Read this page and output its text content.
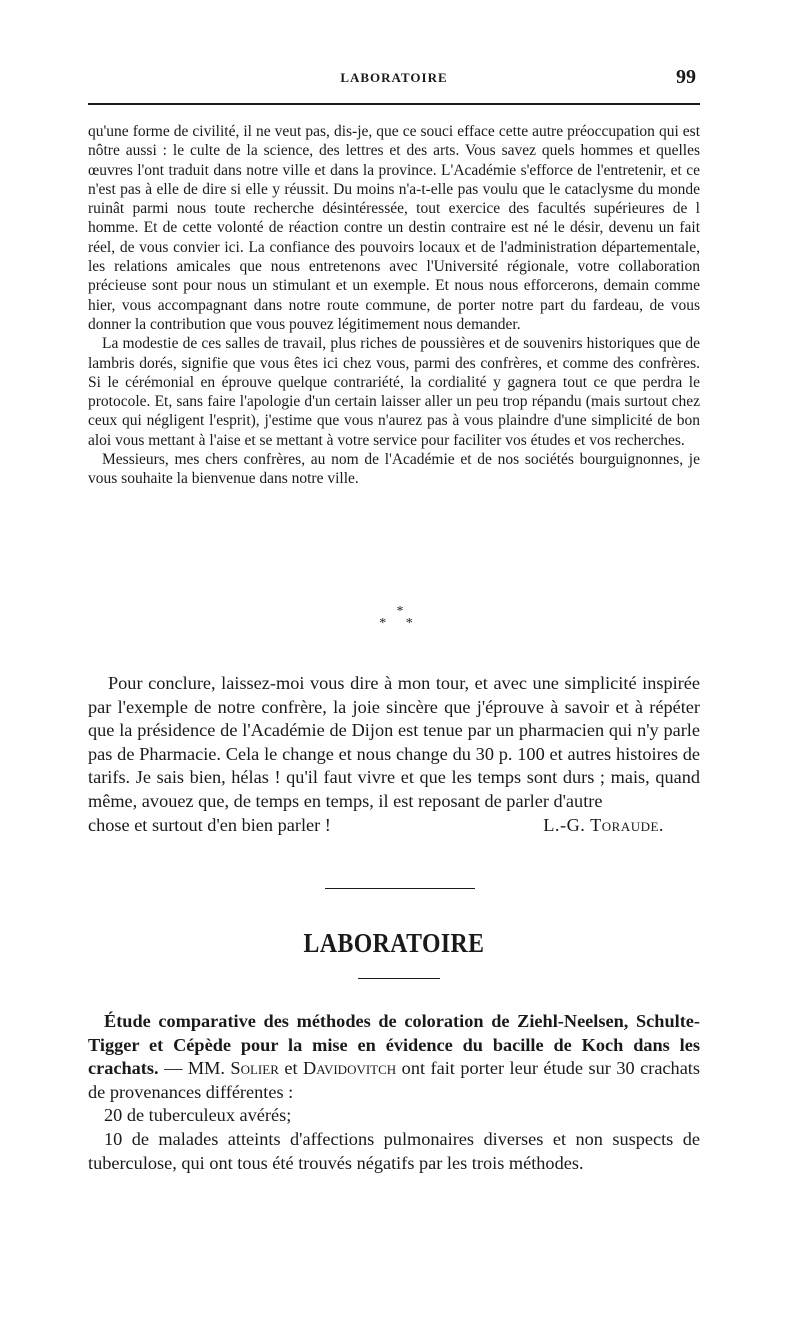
LABORATOIRE	99

qu'une forme de civilité, il ne veut pas, dis-je, que ce souci efface cette autre préoccupation qui est nôtre aussi : le culte de la science, des lettres et des arts. Vous savez quels hommes et quelles œuvres l'ont traduit dans notre ville et dans la province. L'Académie s'efforce de l'entretenir, et ce n'est pas à elle de dire si elle y réussit. Du moins n'a-t-elle pas voulu que le cataclysme du monde ruinât parmi nous toute recherche désintéressée, tout exercice des facultés supérieures de l homme. Et de cette volonté de réaction contre un destin contraire est né le désir, devenu un fait réel, de vous convier ici. La confiance des pouvoirs locaux et de l'administration départementale, les relations amicales que nous entretenons avec l'Université régionale, votre collaboration précieuse sont pour nous un stimulant et un exemple. Et nous nous efforcerons, demain comme hier, vous accompagnant dans notre route commune, de porter notre part du fardeau, de vous donner la contribution que vous pouvez légitimement nous demander.

La modestie de ces salles de travail, plus riches de poussières et de souvenirs historiques que de lambris dorés, signifie que vous êtes ici chez vous, parmi des confrères, et comme des confrères. Si le cérémonial en éprouve quelque contrariété, la cordialité y gagnera tout ce que perdra le protocole. Et, sans faire l'apologie d'un certain laisser aller un peu trop répandu (mais surtout chez ceux qui négligent l'esprit), j'estime que vous n'aurez pas à vous plaindre d'une simplicité de bon aloi vous mettant à l'aise et se mettant à votre service pour faciliter vos études et vos recherches.

Messieurs, mes chers confrères, au nom de l'Académie et de nos sociétés bourguignonnes, je vous souhaite la bienvenue dans notre ville.

*
* *

Pour conclure, laissez-moi vous dire à mon tour, et avec une simplicité inspirée par l'exemple de notre confrère, la joie sincère que j'éprouve à savoir et à répéter que la présidence de l'Académie de Dijon est tenue par un pharmacien qui n'y parle pas de Pharmacie. Cela le change et nous change du 30 p. 100 et autres histoires de tarifs. Je sais bien, hélas ! qu'il faut vivre et que les temps sont durs ; mais, quand même, avouez que, de temps en temps, il est reposant de parler d'autre

chose et surtout d'en bien parler !	L.-G. Toraude.
LABORATOIRE

Étude comparative des méthodes de coloration de Ziehl-Neelsen, Schulte-Tigger et Cépède pour la mise en évidence du bacille de Koch dans les crachats. — MM. Solier et Davidovitch ont fait porter leur étude sur 30 crachats de provenances différentes :

20 de tuberculeux avérés;

10 de malades atteints d'affections pulmonaires diverses et non suspects de tuberculose, qui ont tous été trouvés négatifs par les trois méthodes.
